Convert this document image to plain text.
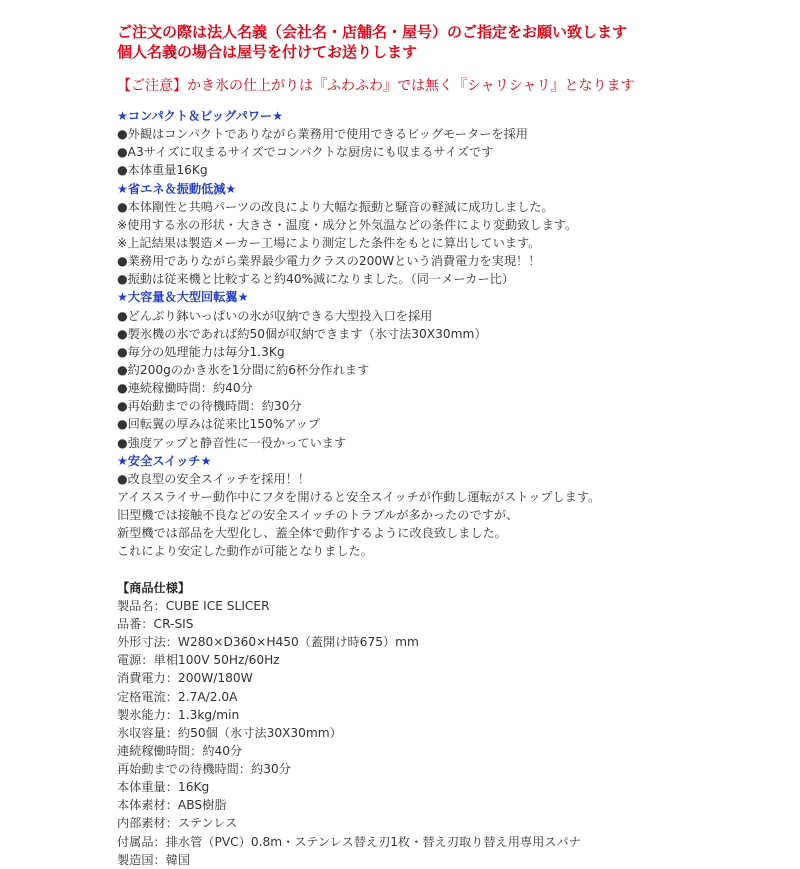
ご注文の際は法人名義（会社名・店舗名・屋号）のご指定をお願い致します
個人名義の場合は屋号を付けてお送りします
【ご注意】かき氷の仕上がりは『ふわふわ』では無く『シャリシャリ』となります
★コンパクト＆ビッグパワー★
●外観はコンパクトでありながら業務用で使用できるビッグモーターを採用
●A3サイズに収まるサイズでコンパクトな厨房にも収まるサイズです
●本体重量16Kg
★省エネ＆振動低減★
●本体剛性と共鳴パーツの改良により大幅な振動と騒音の軽減に成功しました。
※使用する氷の形状・大きさ・温度・成分と外気温などの条件により変動致します。
※上記結果は製造メーカー工場により測定した条件をもとに算出しています。
●業務用でありながら業界最少電力クラスの200Wという消費電力を実現！！
●振動は従来機と比較すると約40%減になりました。（同一メーカー比）
★大容量＆大型回転翼★
●どんぶり鉢いっぱいの氷が収納できる大型投入口を採用
●製氷機の氷であれば約50個が収納できます（氷寸法30X30mm）
●毎分の処理能力は毎分1.3Kg
●約200gのかき氷を1分間に約6杯分作れます
●連続稼働時間：約40分
●再始動までの待機時間：約30分
●回転翼の厚みは従来比150%アップ
●強度アップと静音性に一役かっています
★安全スイッチ★
●改良型の安全スイッチを採用！！
アイススライサー動作中にフタを開けると安全スイッチが作動し運転がストップします。
旧型機では接触不良などの安全スイッチのトラブルが多かったのですが、
新型機では部品を大型化し、蓋全体で動作するように改良致しました。
これにより安定した動作が可能となりました。
【商品仕様】
製品名：CUBE ICE SLICER
品番：CR-SIS
外形寸法：W280×D360×H450（蓋開け時675）mm
電源：単相100V 50Hz/60Hz
消費電力：200W/180W
定格電流：2.7A/2.0A
製氷能力：1.3kg/min
氷収容量：約50個（氷寸法30X30mm）
連続稼働時間：約40分
再始動までの待機時間：約30分
本体重量：16Kg
本体素材：ABS樹脂
内部素材：ステンレス
付属品：排水管（PVC）0.8m・ステンレス替え刃1枚・替え刃取り替え用専用スパナ
製造国：韓国
